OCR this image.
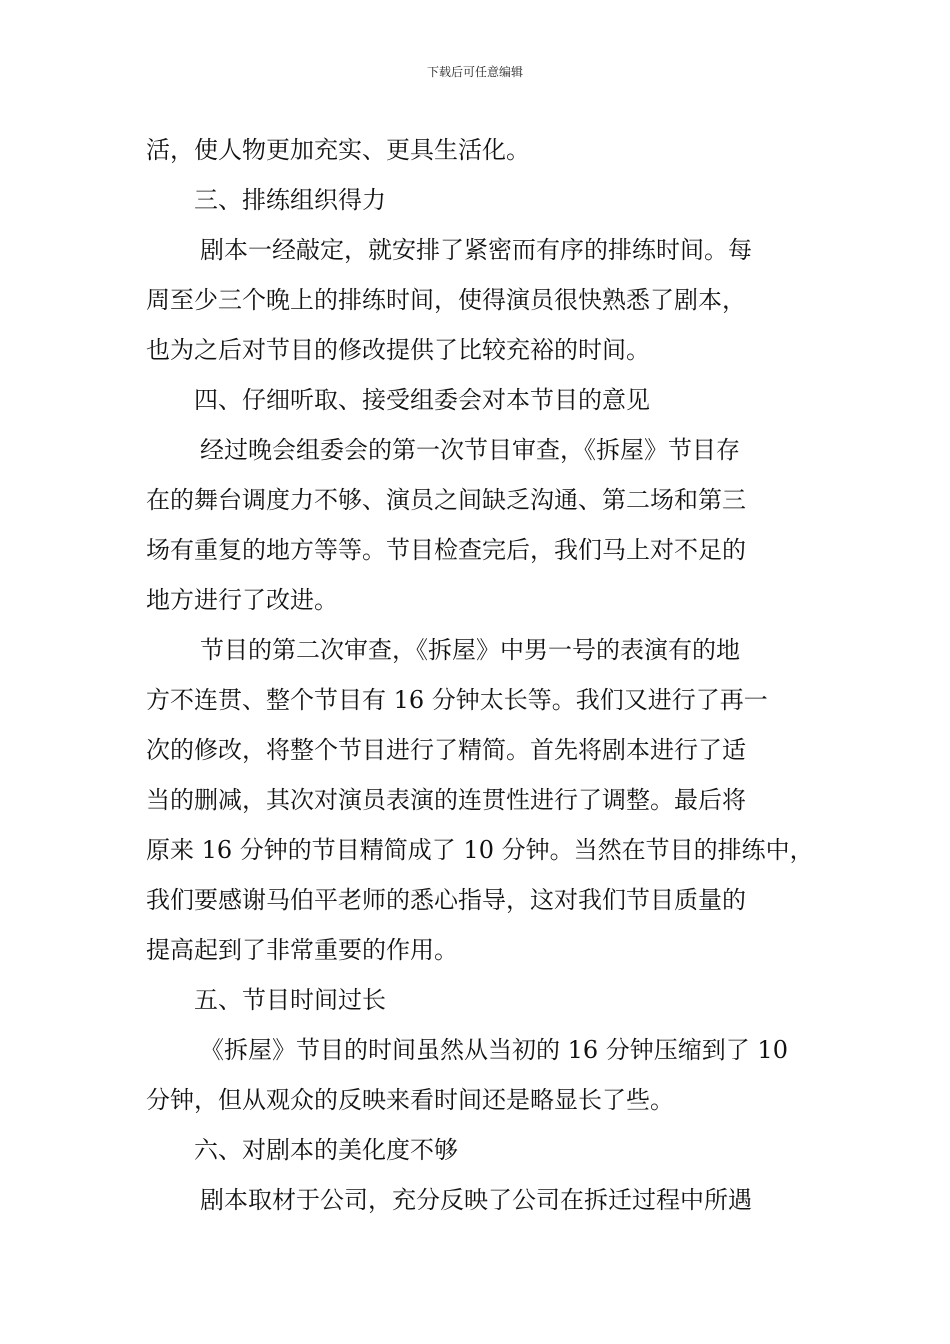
下载后可任意编辑
活，使人物更加充实、更具生活化。
三、排练组织得力
剧本一经敲定，就安排了紧密而有序的排练时间。每
周至少三个晚上的排练时间，使得演员很快熟悉了剧本，
也为之后对节目的修改提供了比较充裕的时间。
四、仔细听取、接受组委会对本节目的意见
经过晚会组委会的第一次节目审查，《拆屋》节目存
在的舞台调度力不够、演员之间缺乏沟通、第二场和第三
场有重复的地方等等。节目检查完后，我们马上对不足的
地方进行了改进。
节目的第二次审查，《拆屋》中男一号的表演有的地
方不连贯、整个节目有 16 分钟太长等。我们又进行了再一
次的修改，将整个节目进行了精简。首先将剧本进行了适
当的删减，其次对演员表演的连贯性进行了调整。最后将
原来 16 分钟的节目精简成了 10 分钟。当然在节目的排练中，
我们要感谢马伯平老师的悉心指导，这对我们节目质量的
提高起到了非常重要的作用。
五、节目时间过长
《拆屋》节目的时间虽然从当初的 16 分钟压缩到了 10
分钟，但从观众的反映来看时间还是略显长了些。
六、对剧本的美化度不够
剧本取材于公司，充分反映了公司在拆迁过程中所遇
